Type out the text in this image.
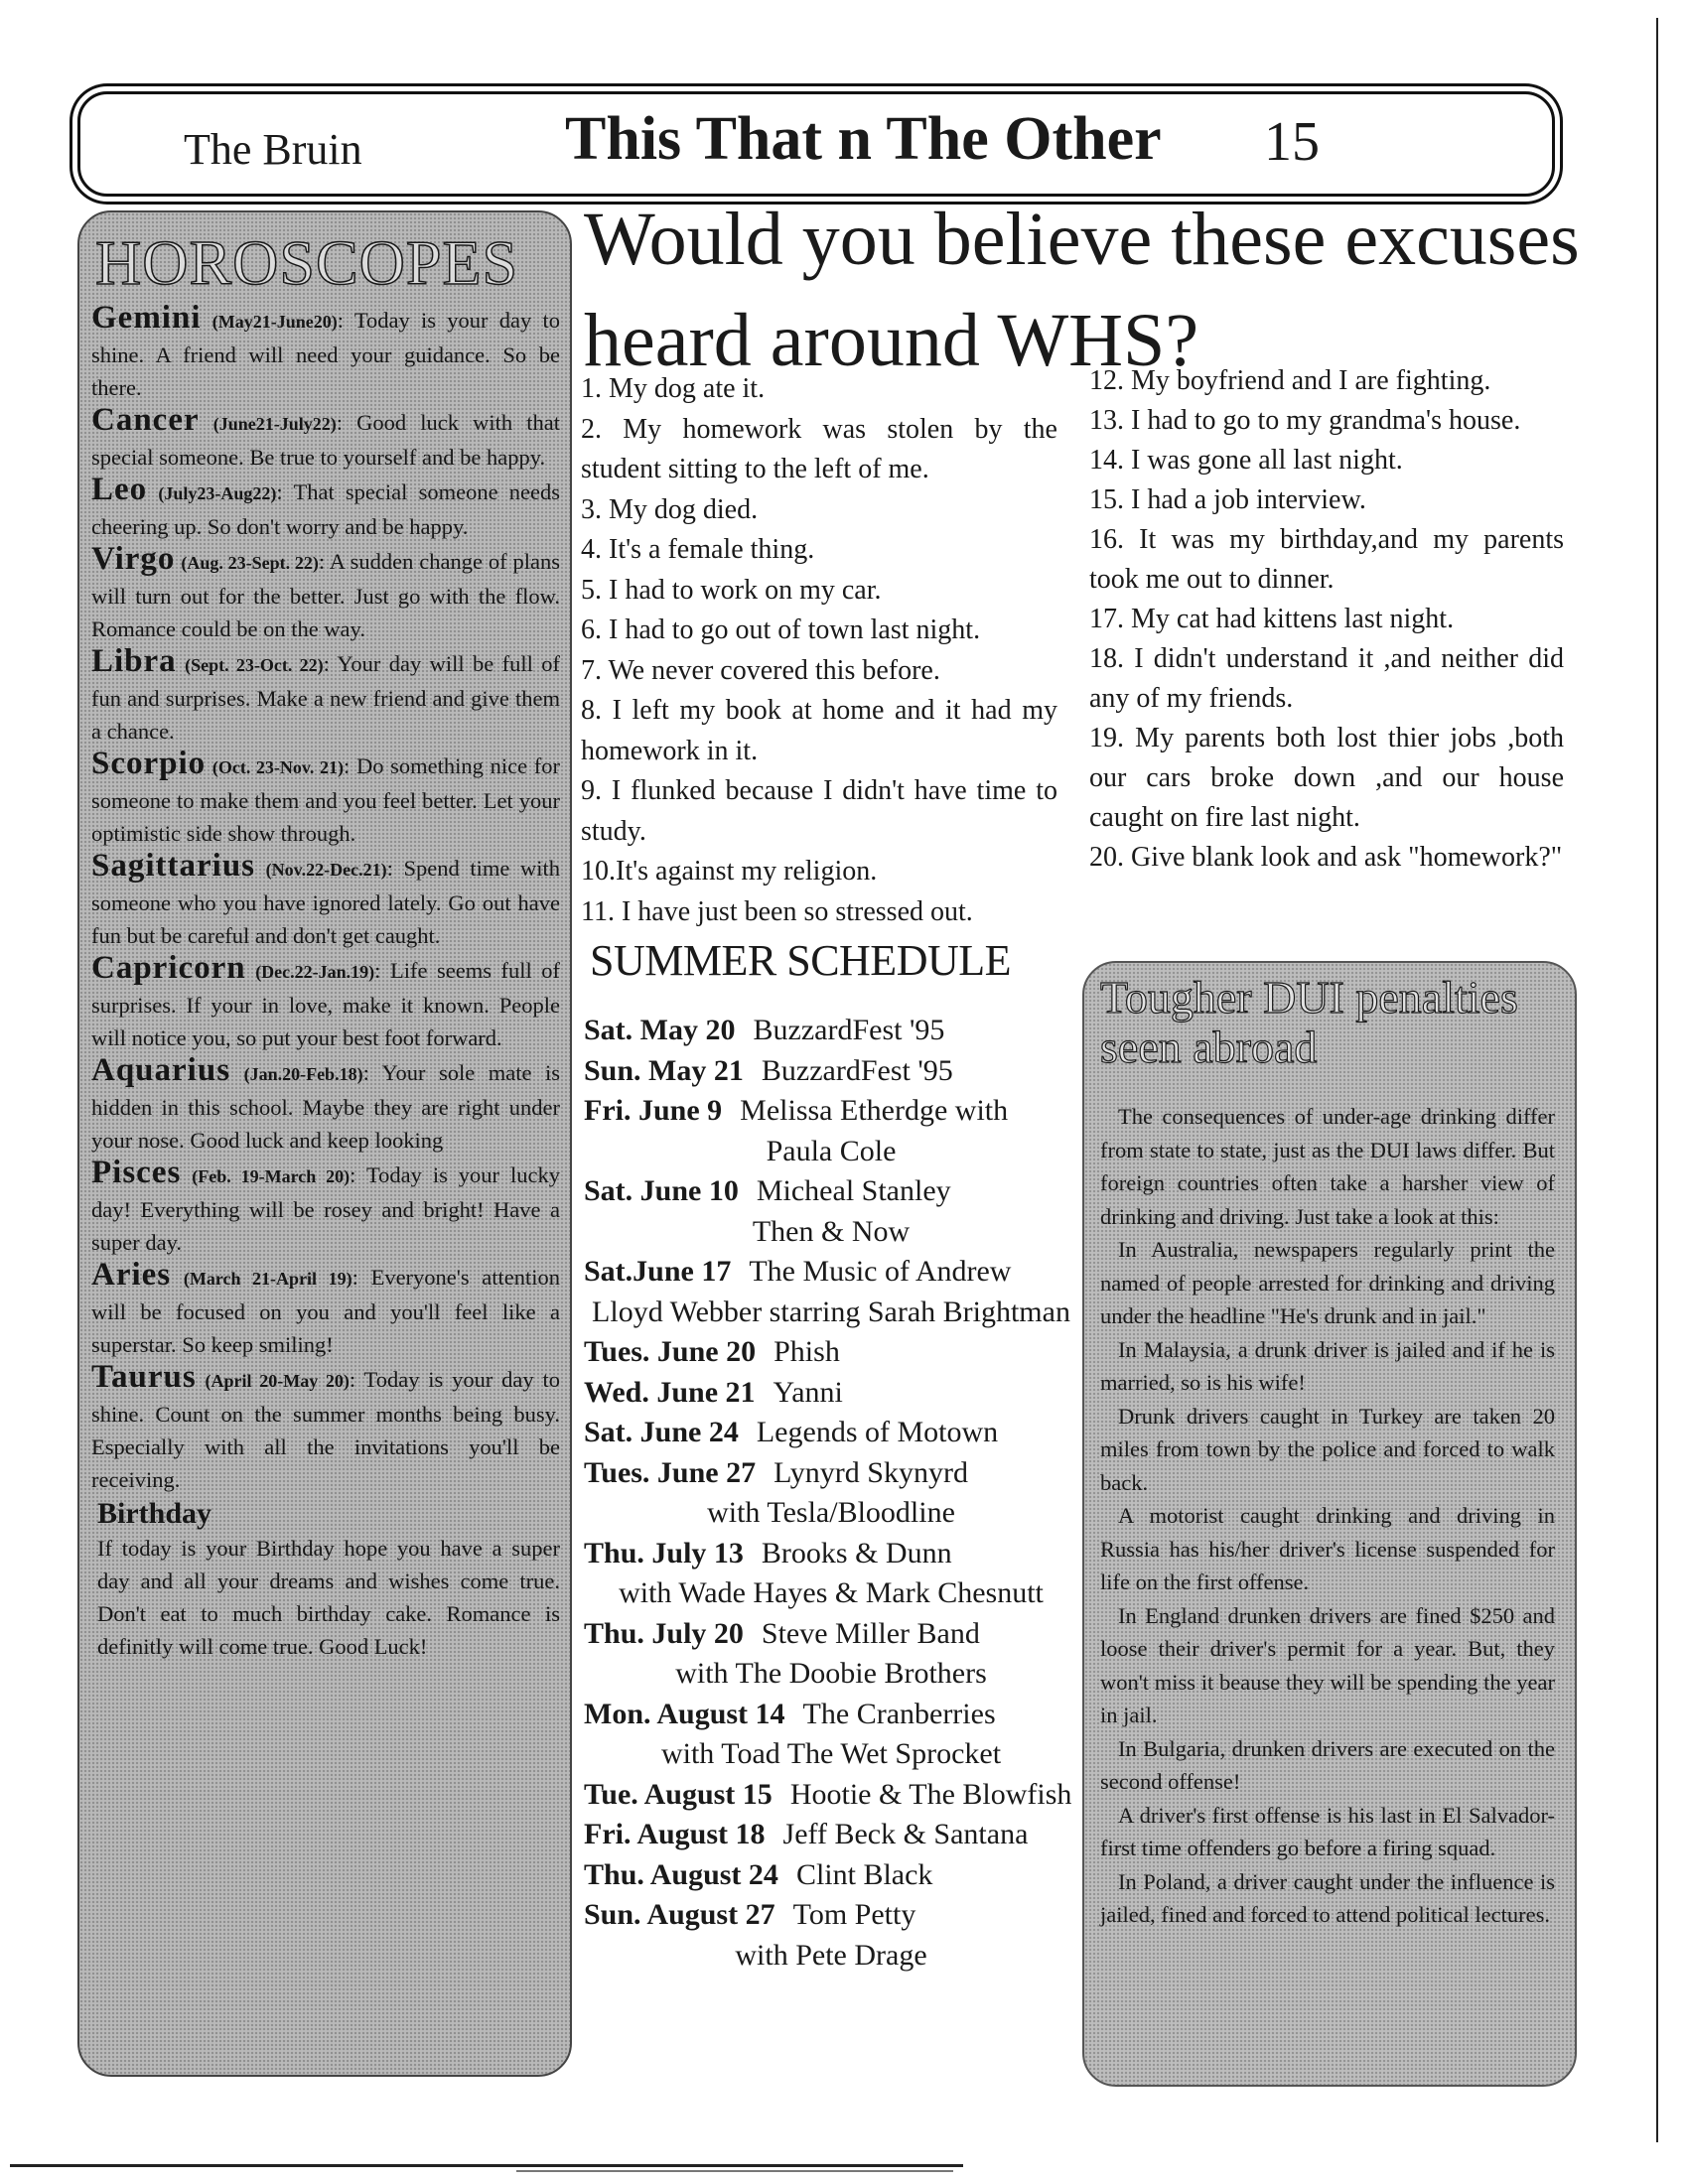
The Bruin	This That n The Other 15
HOROSCOPES

Gemini (May21-June20): Today is your day to shine. A friend will need your guidance. So be there.

Cancer (June21-July22): Good luck with that special someone. Be true to yourself and be happy.

Leo (July23-Aug22): That special someone needs cheering up. So don't worry and be happy.

Virgo (Aug. 23-Sept. 22): A sudden change of plans will turn out for the better. Just go with the flow. Romance could be on the way.

Libra (Sept. 23-Oct. 22): Your day will be full of fun and surprises. Make a new friend and give them a chance.

Scorpio (Oct. 23-Nov. 21): Do something nice for someone to make them and you feel better. Let your optimistic side show through.

Sagittarius (Nov.22-Dec.21): Spend time with someone who you have ignored lately. Go out have fun but be careful and don't get caught.

Capricorn (Dec.22-Jan.19): Life seems full of surprises. If your in love, make it known. People will notice you, so put your best foot forward.

Aquarius (Jan.20-Feb.18): Your sole mate is hidden in this school. Maybe they are right under your nose. Good luck and keep looking

Pisces (Feb. 19-March 20): Today is your lucky day! Everything will be rosey and bright! Have a super day.

Aries (March 21-April 19): Everyone's attention will be focused on you and you'll feel like a superstar. So keep smiling!

Taurus (April 20-May 20): Today is your day to shine. Count on the summer months being busy. Especially with all the invitations you'll be receiving.

Birthday
If today is your Birthday hope you have a super day and all your dreams and wishes come true. Don't eat to much birthday cake. Romance is definitly will come true. Good Luck!
Would you believe these excuses heard around WHS?

1. My dog ate it.

2. My homework was stolen by the student sitting to the left of me.

3. My dog died.

4. It's a female thing.

5. I had to work on my car.

6. I had to go out of town last night.

7. We never covered this before.

8. I left my book at home and it had my homework in it.

9. I flunked because I didn't have time to study.

10.It's against my religion.

11. I have just been so stressed out.

12. My boyfriend and I are fighting.

13. I had to go to my grandma's house.

14. I was gone all last night.

15. I had a job interview.

16. It was my birthday,and my parents took me out to dinner.

17. My cat had kittens last night.

18. I didn't understand it ,and neither did any of my friends.

19. My parents both lost thier jobs ,both our cars broke down ,and our house caught on fire last night.

20. Give blank look and ask "homework?"

SUMMER SCHEDULE

Sat. May 20 BuzzardFest '95

Sun. May 21 BuzzardFest '95

Fri. June 9 Melissa Etherdge with
Paula Cole

Sat. June 10 Micheal Stanley
Then & Now

Sat.June 17 The Music of Andrew
Lloyd Webber starring Sarah Brightman

Tues. June 20 Phish

Wed. June 21 Yanni

Sat. June 24 Legends of Motown

Tues. June 27 Lynyrd Skynyrd
with Tesla/Bloodline

Thu. July 13 Brooks & Dunn
with Wade Hayes & Mark Chesnutt

Thu. July 20 Steve Miller Band
with The Doobie Brothers

Mon. August 14 The Cranberries
with Toad The Wet Sprocket

Tue. August 15 Hootie & The Blowfish

Fri. August 18 Jeff Beck & Santana

Thu. August 24 Clint Black

Sun. August 27 Tom Petty
with Pete Drage

Tougher DUI penalties seen abroad

The consequences of under-age drinking differ from state to state, just as the DUI laws differ. But foreign countries often take a harsher view of drinking and driving. Just take a look at this:

In Australia, newspapers regularly print the named of people arrested for drinking and driving under the headline "He's drunk and in jail."

In Malaysia, a drunk driver is jailed and if he is married, so is his wife!

Drunk drivers caught in Turkey are taken 20 miles from town by the police and forced to walk back.

A motorist caught drinking and driving in Russia has his/her driver's license suspended for life on the first offense.

In England drunken drivers are fined $250 and loose their driver's permit for a year. But, they won't miss it beause they will be spending the year in jail.

In Bulgaria, drunken drivers are executed on the second offense!

A driver's first offense is his last in El Salvador- first time offenders go before a firing squad.

In Poland, a driver caught under the influence is jailed, fined and forced to attend political lectures.
